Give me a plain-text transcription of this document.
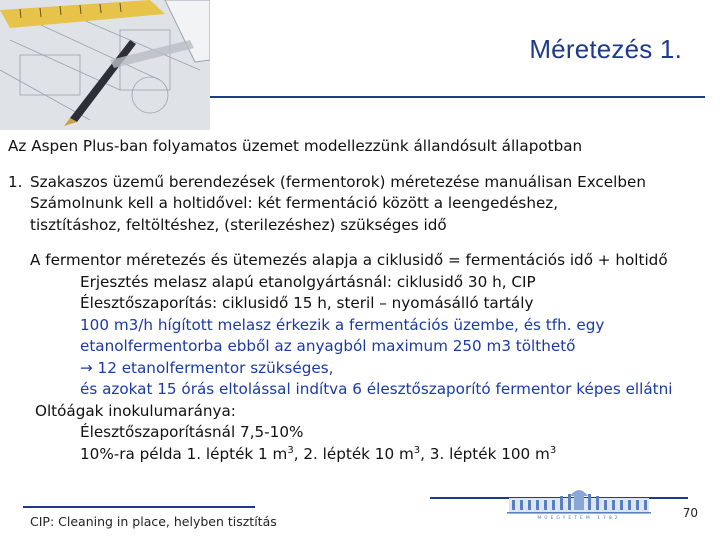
Méretezés 1.

Az Aspen Plus-ban folyamatos üzemet modellezzünk állandósult állapotban

1. Szakaszos üzemű berendezések (fermentorok) méretezése manuálisan Excelben

Számolnunk kell a holtidővel: két fermentáció között a leengedéshez,

tisztításhoz, feltöltéshez, (sterilezéshez) szükséges idő

A fermentor méretezés és ütemezés alapja a ciklusidő = fermentációs idő + holtidő

Erjesztés melasz alapú etanolgyártásnál: ciklusidő 30 h, CIP

Élesztőszaporítás: ciklusidő 15 h, steril – nyomásálló tartály

100 m3/h hígított melasz érkezik a fermentációs üzembe, és tfh. egy

etanolfermentorba ebből az anyagból maximum 250 m3 tölthető

→ 12 etanolfermentor szükséges,

és azokat 15 órás eltolással indítva 6 élesztőszaporító fermentor képes ellátni

Oltóágak inokulumaránya:

Élesztőszaporításnál 7,5-10%

10%-ra példa 1. lépték 1 $m^3$, 2. lépték 10 $m^3$, 3. lépték 100 $m^3$

CIP: Cleaning in place, helyben tisztítás	MŰEGYETEM 1782	70
